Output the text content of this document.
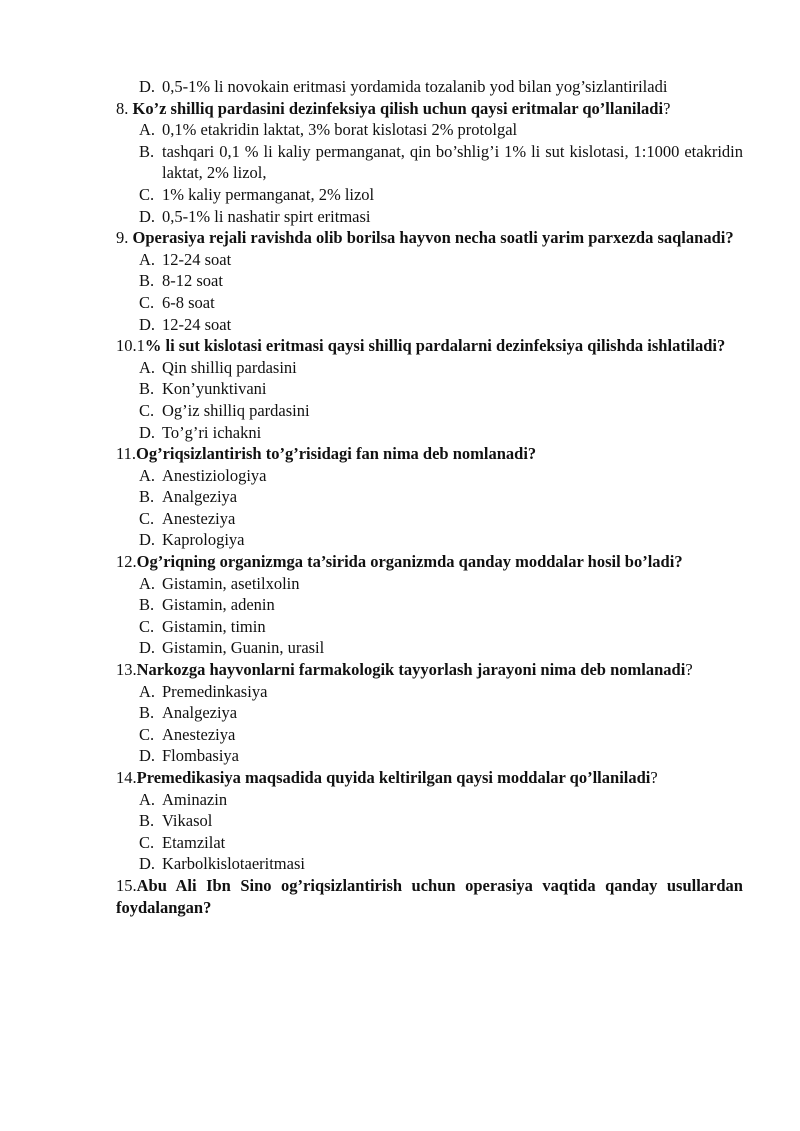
D. 0,5-1% li novokain eritmasi yordamida tozalanib yod bilan yog’sizlantiriladi
8. Ko’z shilliq pardasini dezinfeksiya qilish uchun qaysi eritmalar qo’llaniladi?
A. 0,1% etakridin laktat, 3% borat kislotasi 2% protolgal
B. tashqari 0,1 % li kaliy permanganat, qin bo’shlig’i 1% li sut kislotasi, 1:1000 etakridin laktat, 2% lizol,
C. 1% kaliy permanganat, 2% lizol
D. 0,5-1% li nashatir spirt eritmasi
9. Operasiya rejali ravishda olib borilsa hayvon necha soatli yarim parxezda saqlanadi?
A. 12-24 soat
B. 8-12 soat
C. 6-8 soat
D. 12-24 soat
10.1% li sut kislotasi eritmasi qaysi shilliq pardalarni dezinfeksiya qilishda ishlatiladi?
A. Qin shilliq pardasini
B. Kon’yunktivani
C. Og’iz shilliq pardasini
D. To’g’ri ichakni
11.Og’riqsizlantirish to’g’risidagi fan nima deb nomlanadi?
A. Anestiziologiya
B. Analgeziya
C. Anesteziya
D. Kaprologiya
12.Og’riqning organizmga ta’sirida organizmda qanday moddalar hosil bo’ladi?
A. Gistamin, asetilxolin
B. Gistamin, adenin
C. Gistamin, timin
D. Gistamin, Guanin, urasil
13.Narkozga hayvonlarni farmakologik tayyorlash jarayoni nima deb nomlanadi?
A. Premedinkasiya
B. Analgeziya
C. Anesteziya
D. Flombasiya
14.Premedikasiya maqsadida quyida keltirilgan qaysi moddalar qo’llaniladi?
A. Aminazin
B. Vikasol
C. Etamzilat
D. Karbolkislotaeritmasi
15.Abu Ali Ibn Sino og’riqsizlantirish uchun operasiya vaqtida qanday usullardan foydalangan?
